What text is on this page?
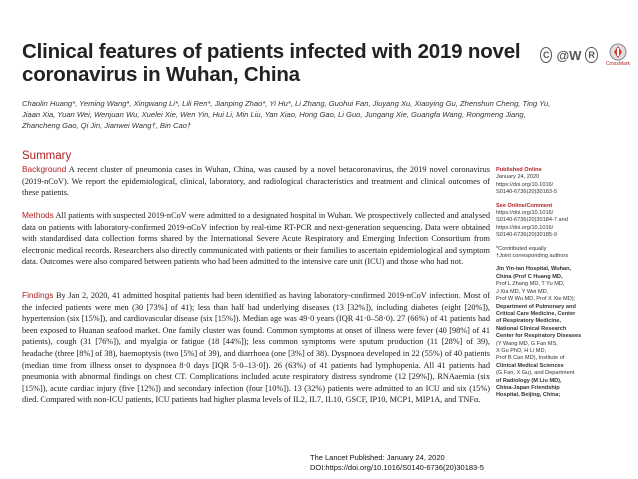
Clinical features of patients infected with 2019 novel
coronavirus in Wuhan, China
C @W R
CrossMark
Chaolin Huang*, Yeming Wang*, Xingwang Li*, Lili Ren*, Jianping Zhao*, Yi Hu*, Li Zhang, Guohui Fan, Jiuyang Xu, Xiaoying Gu, Zhenshun Cheng, Ting Yu, Jiaan Xia, Yuan Wei, Wenjuan Wu, Xuelei Xie, Wen Yin, Hui Li, Min Liu, Yan Xiao, Hong Gao, Li Guo, Jungang Xie, Guangfa Wang, Rongmeng Jiang, Zhancheng Gao, Qi Jin, Jianwei Wang†, Bin Cao†
Summary

Background A recent cluster of pneumonia cases in Wuhan, China, was caused by a novel betacoronavirus, the 2019 novel coronavirus (2019-nCoV). We report the epidemiological, clinical, laboratory, and radiological characteristics and treatment and clinical outcomes of these patients.

Methods All patients with suspected 2019-nCoV were admitted to a designated hospital in Wuhan. We prospectively collected and analysed data on patients with laboratory-confirmed 2019-nCoV infection by real-time RT-PCR and next-generation sequencing. Data were obtained with standardised data collection forms shared by the International Severe Acute Respiratory and Emerging Infection Consortium from electronic medical records. Researchers also directly communicated with patients or their families to ascertain epidemiological and symptom data. Outcomes were also compared between patients who had been admitted to the intensive care unit (ICU) and those who had not.

Findings By Jan 2, 2020, 41 admitted hospital patients had been identified as having laboratory-confirmed 2019-nCoV infection. Most of the infected patients were men (30 [73%] of 41); less than half had underlying diseases (13 [32%]), including diabetes (eight [20%]), hypertension (six [15%]), and cardiovascular disease (six [15%]). Median age was 49·0 years (IQR 41·0–58·0). 27 (66%) of 41 patients had been exposed to Huanan seafood market. One family cluster was found. Common symptoms at onset of illness were fever (40 [98%] of 41 patients), cough (31 [76%]), and myalgia or fatigue (18 [44%]); less common symptoms were sputum production (11 [28%] of 39), headache (three [8%] of 38), haemoptysis (two [5%] of 39), and diarrhoea (one [3%] of 38). Dyspnoea developed in 22 (55%) of 40 patients (median time from illness onset to dyspnoea 8·0 days [IQR 5·0–13·0]). 26 (63%) of 41 patients had lymphopenia. All 41 patients had pneumonia with abnormal findings on chest CT. Complications included acute respiratory distress syndrome (12 [29%]), RNAaemia (six [15%]), acute cardiac injury (five [12%]) and secondary infection (four [10%]). 13 (32%) patients were admitted to an ICU and six (15%) died. Compared with non-ICU patients, ICU patients had higher plasma levels of IL2, IL7, IL10, GSCF, IP10, MCP1, MIP1A, and TNFα.

Published Online
January 24, 2020
https://doi.org/10.1016/
S0140-6736(20)30183-5
See Online/Comment
https://doi.org/10.1016/
S0140-6736(20)30184-7 and
https://doi.org/10.1016/
S0140-6736(20)30185-9
*Contributed equally
†Joint corresponding authors
Jin Yin-tan Hospital, Wuhan,
China (Prof C Huang MD,
Prof L Zhang MD, T Yu MD,
J Xia MD, Y Wei MD,
Prof W Wu MD, Prof X Xie MD);
Department of Pulmonary and
Critical Care Medicine, Center
of Respiratory Medicine,
National Clinical Research
Center for Respiratory Diseases
(Y Wang MD, G Fan MS,
X Gu PhD, H Li MD,
Prof B Cao MD), Institute of
Clinical Medical Sciences
(G Fan, X Gu), and Department
of Radiology (M Liu MD),
China-Japan Friendship
Hospital, Beijing, China;
The Lancet Published: January 24, 2020
DOI:https://doi.org/10.1016/S0140-6736(20)30183-5
